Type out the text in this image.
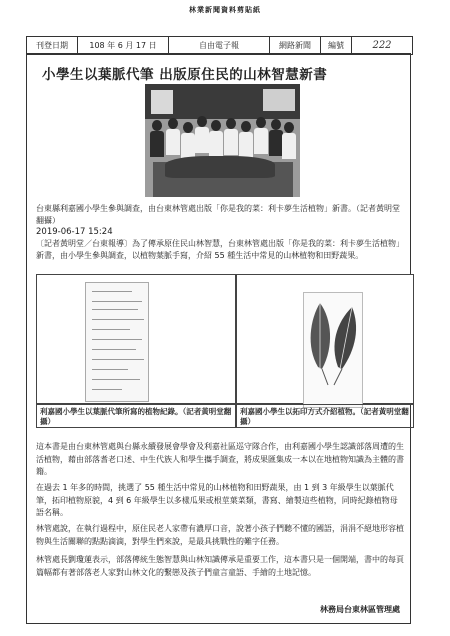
林業新聞資料剪貼紙
刊登日期	108 年 6 月 17 日	自由電子報	網路新聞	編號	222
小學生以葉脈代筆 出版原住民的山林智慧新書
台東縣利嘉國小學生參與調查，由台東林管處出版「你是我的菜：利卡夢生活植物」新書。（記者黃明堂翻攝）
2019-06-17 15:24
〔記者黃明堂／台東報導〕為了傳承原住民山林智慧，台東林管處出版「你是我的菜：利卡夢生活植物」新書，由小學生參與調查，以植物葉脈手寫，介紹 55 種生活中常見的山林植物和田野蔬果。
利嘉國小學生以葉脈代筆所寫的植物紀錄。（記者黃明堂翻攝）
利嘉國小學生以拓印方式介紹植物。（記者黃明堂翻攝）
這本書是由台東林管處與台縣永續發展會學會及利嘉社區巡守隊合作，由利嘉國小學生認識部落周遭的生活植物，藉由部落耆老口述、中生代族人和學生攜手調查，將成果匯集成一本以在地植物知識為主體的書籍。
在過去 1 年多的時間，挑選了 55 種生活中常見的山林植物和田野蔬果，由 1 到 3 年級學生以葉脈代筆，拓印植物原貌，4 到 6 年級學生以多樣瓜果或根莖葉菜類，書寫、繪製這些植物，同時紀錄植物母語名稱。
林管處說，在執行過程中，原住民老人家帶有濃厚口音，說著小孩子們聽不懂的國語，涓涓不絕地形容植物與生活關聯的點點滴滴，對學生們來說，是最具挑戰性的難字任務。
林管處長劉瓊蓮表示，部落傳統生態智慧與山林知識傳承是重要工作，這本書只是一個開端，書中的每頁篇幅都有著部落老人家對山林文化的繫戀及孩子們童言童語、手繪的土地記憶。
林務局台東林區管理處
